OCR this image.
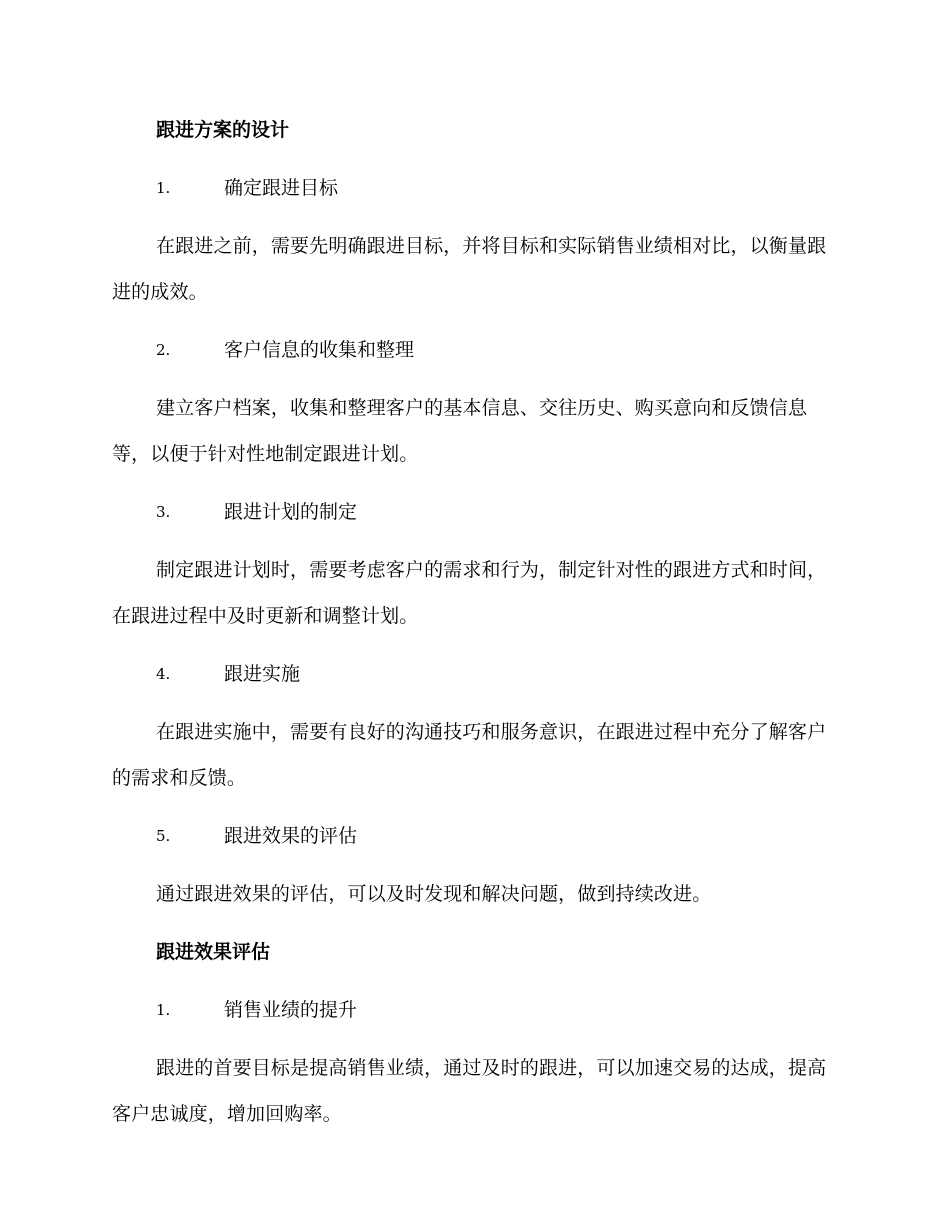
跟进方案的设计
1.	确定跟进目标

在跟进之前，需要先明确跟进目标，并将目标和实际销售业绩相对比，以衡量跟进的成效。

2.	客户信息的收集和整理

建立客户档案，收集和整理客户的基本信息、交往历史、购买意向和反馈信息等，以便于针对性地制定跟进计划。

3.	跟进计划的制定

制定跟进计划时，需要考虑客户的需求和行为，制定针对性的跟进方式和时间，在跟进过程中及时更新和调整计划。

4.	跟进实施

在跟进实施中，需要有良好的沟通技巧和服务意识，在跟进过程中充分了解客户的需求和反馈。

5.	跟进效果的评估

通过跟进效果的评估，可以及时发现和解决问题，做到持续改进。

跟进效果评估
1.	销售业绩的提升

跟进的首要目标是提高销售业绩，通过及时的跟进，可以加速交易的达成，提高客户忠诚度，增加回购率。
